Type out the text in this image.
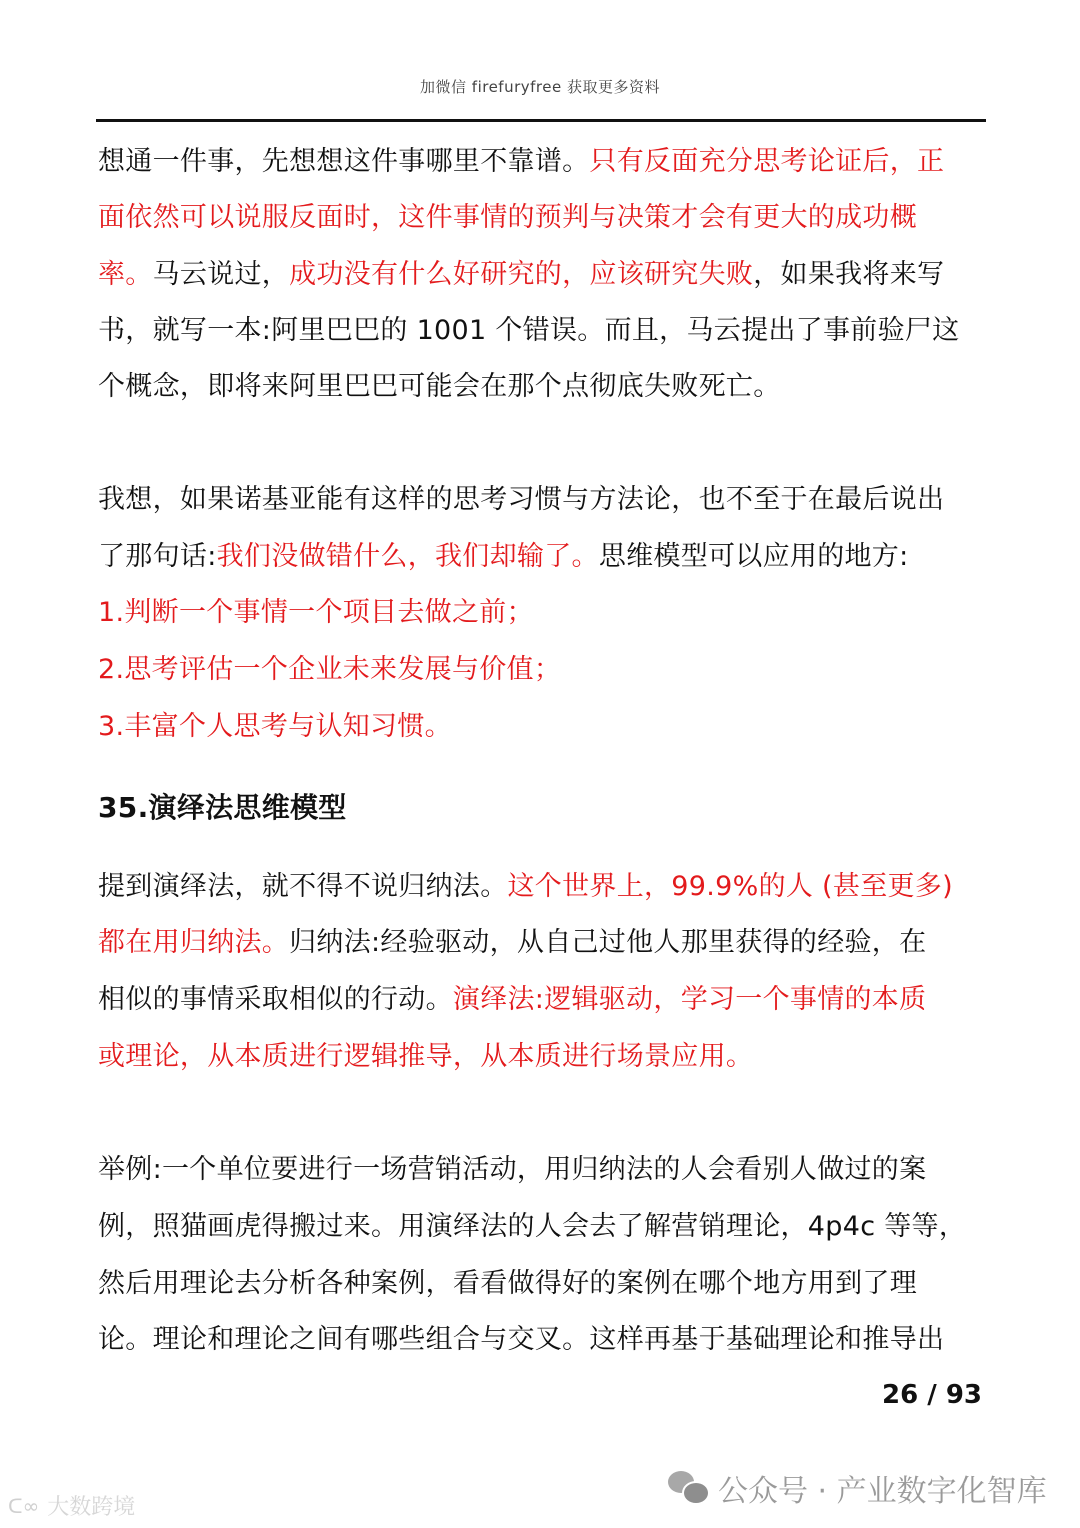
加微信 firefuryfree 获取更多资料
想通一件事，先想想这件事哪里不靠谱。只有反面充分思考论证后，正
面依然可以说服反面时，这件事情的预判与决策才会有更大的成功概
率。马云说过，成功没有什么好研究的，应该研究失败，如果我将来写
书，就写一本:阿里巴巴的 1001 个错误。而且，马云提出了事前验尸这
个概念，即将来阿里巴巴可能会在那个点彻底失败死亡。
我想，如果诺基亚能有这样的思考习惯与方法论，也不至于在最后说出
了那句话:我们没做错什么，我们却输了。思维模型可以应用的地方:
1.判断一个事情一个项目去做之前；
2.思考评估一个企业未来发展与价值；
3.丰富个人思考与认知习惯。
35.演绎法思维模型
提到演绎法，就不得不说归纳法。这个世界上，99.9%的人 (甚至更多)
都在用归纳法。归纳法:经验驱动，从自己过他人那里获得的经验，在
相似的事情采取相似的行动。演绎法:逻辑驱动，学习一个事情的本质
或理论，从本质进行逻辑推导，从本质进行场景应用。
举例:一个单位要进行一场营销活动，用归纳法的人会看别人做过的案
例，照猫画虎得搬过来。用演绎法的人会去了解营销理论，4p4c 等等，
然后用理论去分析各种案例，看看做得好的案例在哪个地方用到了理
论。理论和理论之间有哪些组合与交叉。这样再基于基础理论和推导出
26 / 93
公众号 · 产业数字化智库
ᑕ∞ 大数跨境
